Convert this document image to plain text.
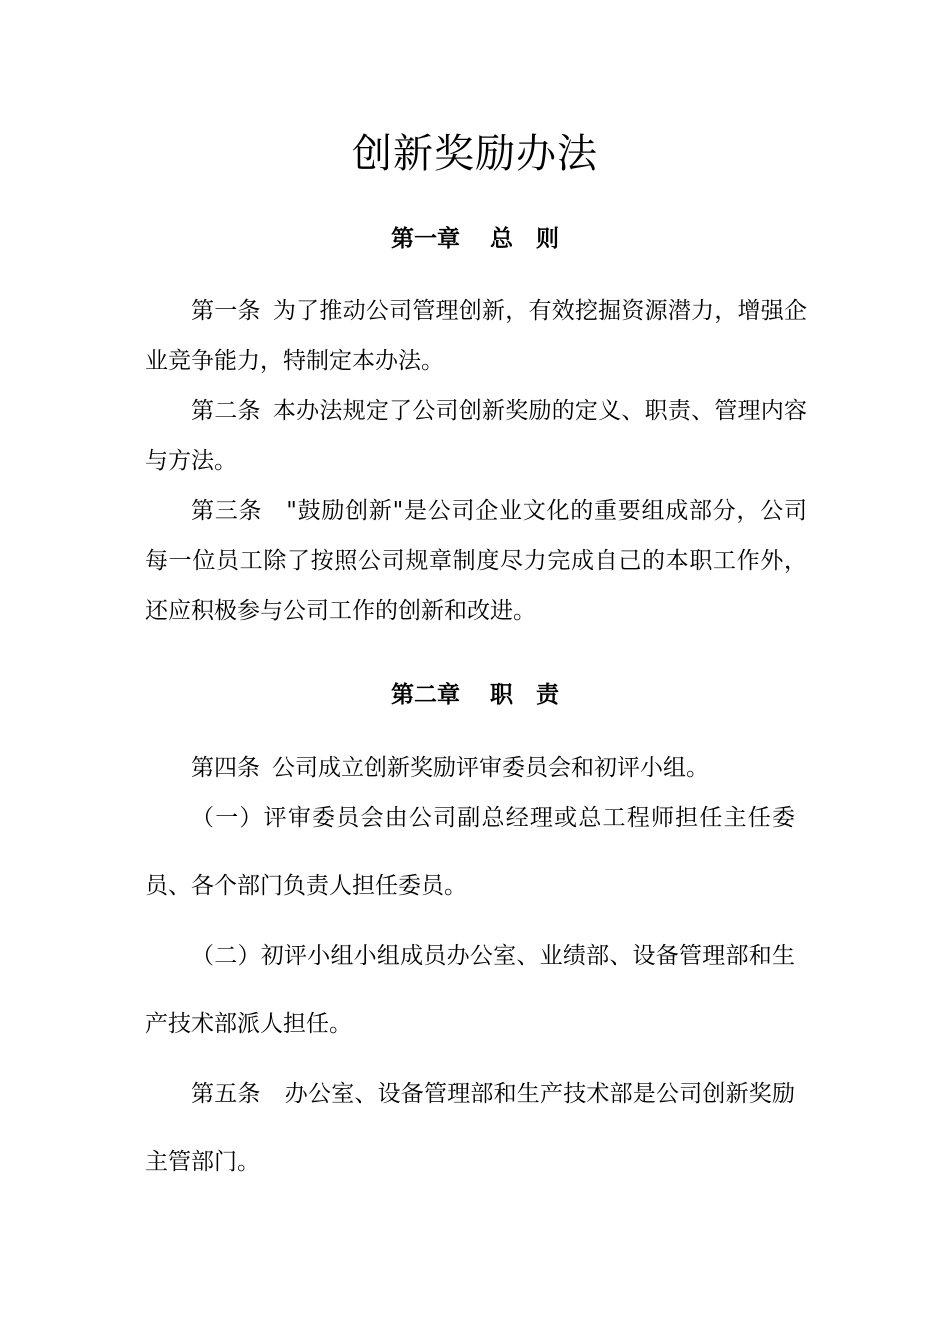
创新奖励办法
第一章 总　则

第一条 为了推动公司管理创新，有效挖掘资源潜力，增强企业竞争能力，特制定本办法。

第二条 本办法规定了公司创新奖励的定义、职责、管理内容与方法。

第三条 "鼓励创新"是公司企业文化的重要组成部分，公司每一位员工除了按照公司规章制度尽力完成自己的本职工作外，还应积极参与公司工作的创新和改进。

第二章 职　责

第四条 公司成立创新奖励评审委员会和初评小组。

（一）评审委员会由公司副总经理或总工程师担任主任委员、各个部门负责人担任委员。

（二）初评小组小组成员办公室、业绩部、设备管理部和生产技术部派人担任。

第五条 办公室、设备管理部和生产技术部是公司创新奖励主管部门。
